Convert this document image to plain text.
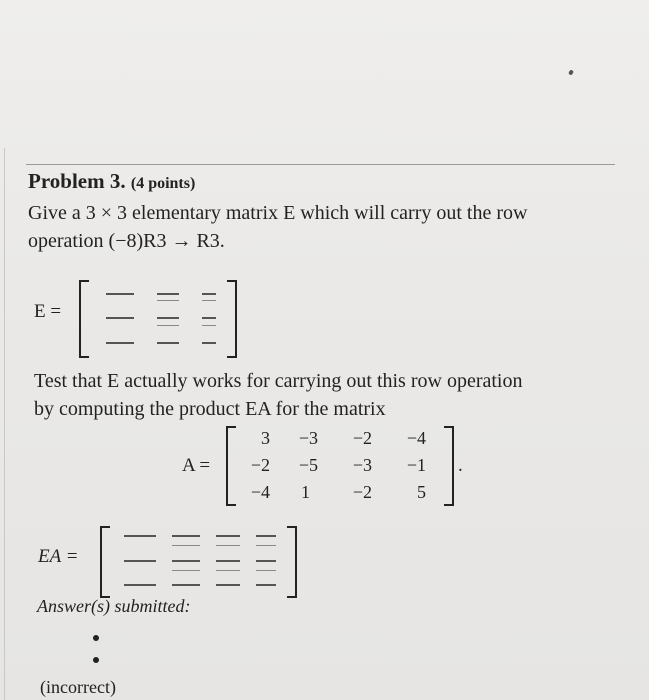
Problem 3. (4 points)
Give a 3 × 3 elementary matrix E which will carry out the row
operation (−8)R3 → R3.
E =
Test that E actually works for carrying out this row operation
by computing the product EA for the matrix
A =	.
3	−3	−2	−4
−2	−5	−3	−1
−4	1	−2	5
EA =
Answer(s) submitted:
(incorrect)
